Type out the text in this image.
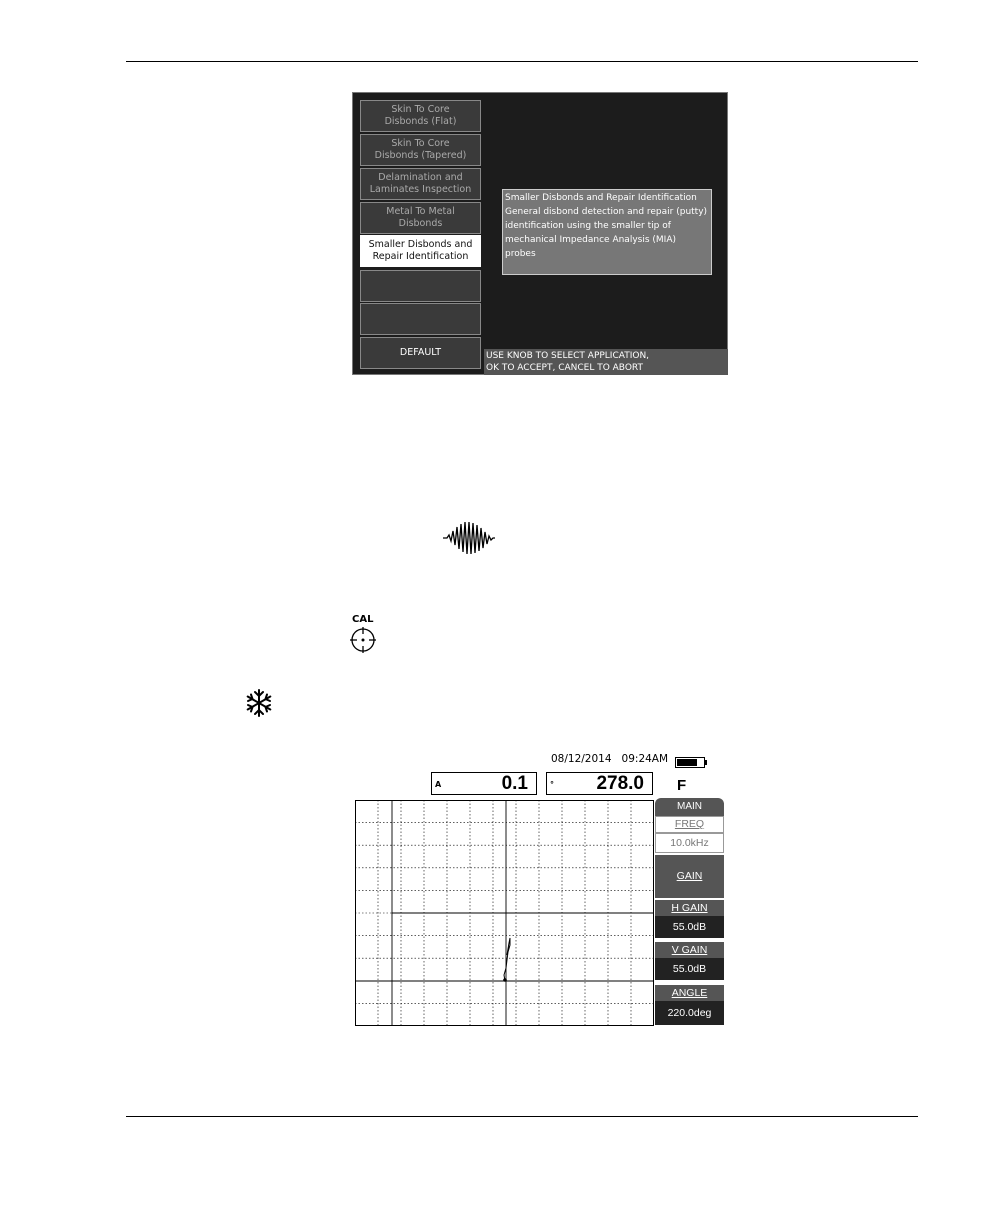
Skin To Core
Disbonds (Flat)
Skin To Core
Disbonds (Tapered)
Delamination and
Laminates Inspection
Metal To Metal
Disbonds
Smaller Disbonds and
Repair Identification
DEFAULT
Smaller Disbonds and Repair Identification
General disbond detection and repair (putty)
identification using the smaller tip of
mechanical Impedance Analysis (MIA) probes
USE KNOB TO SELECT APPLICATION,
OK TO ACCEPT, CANCEL TO ABORT
CAL
08/12/2014 09:24AM
A	0.1	° 278.0 F
MAIN
FREQ
10.0kHz
GAIN
H GAIN
55.0dB
V GAIN
55.0dB
ANGLE
220.0deg
